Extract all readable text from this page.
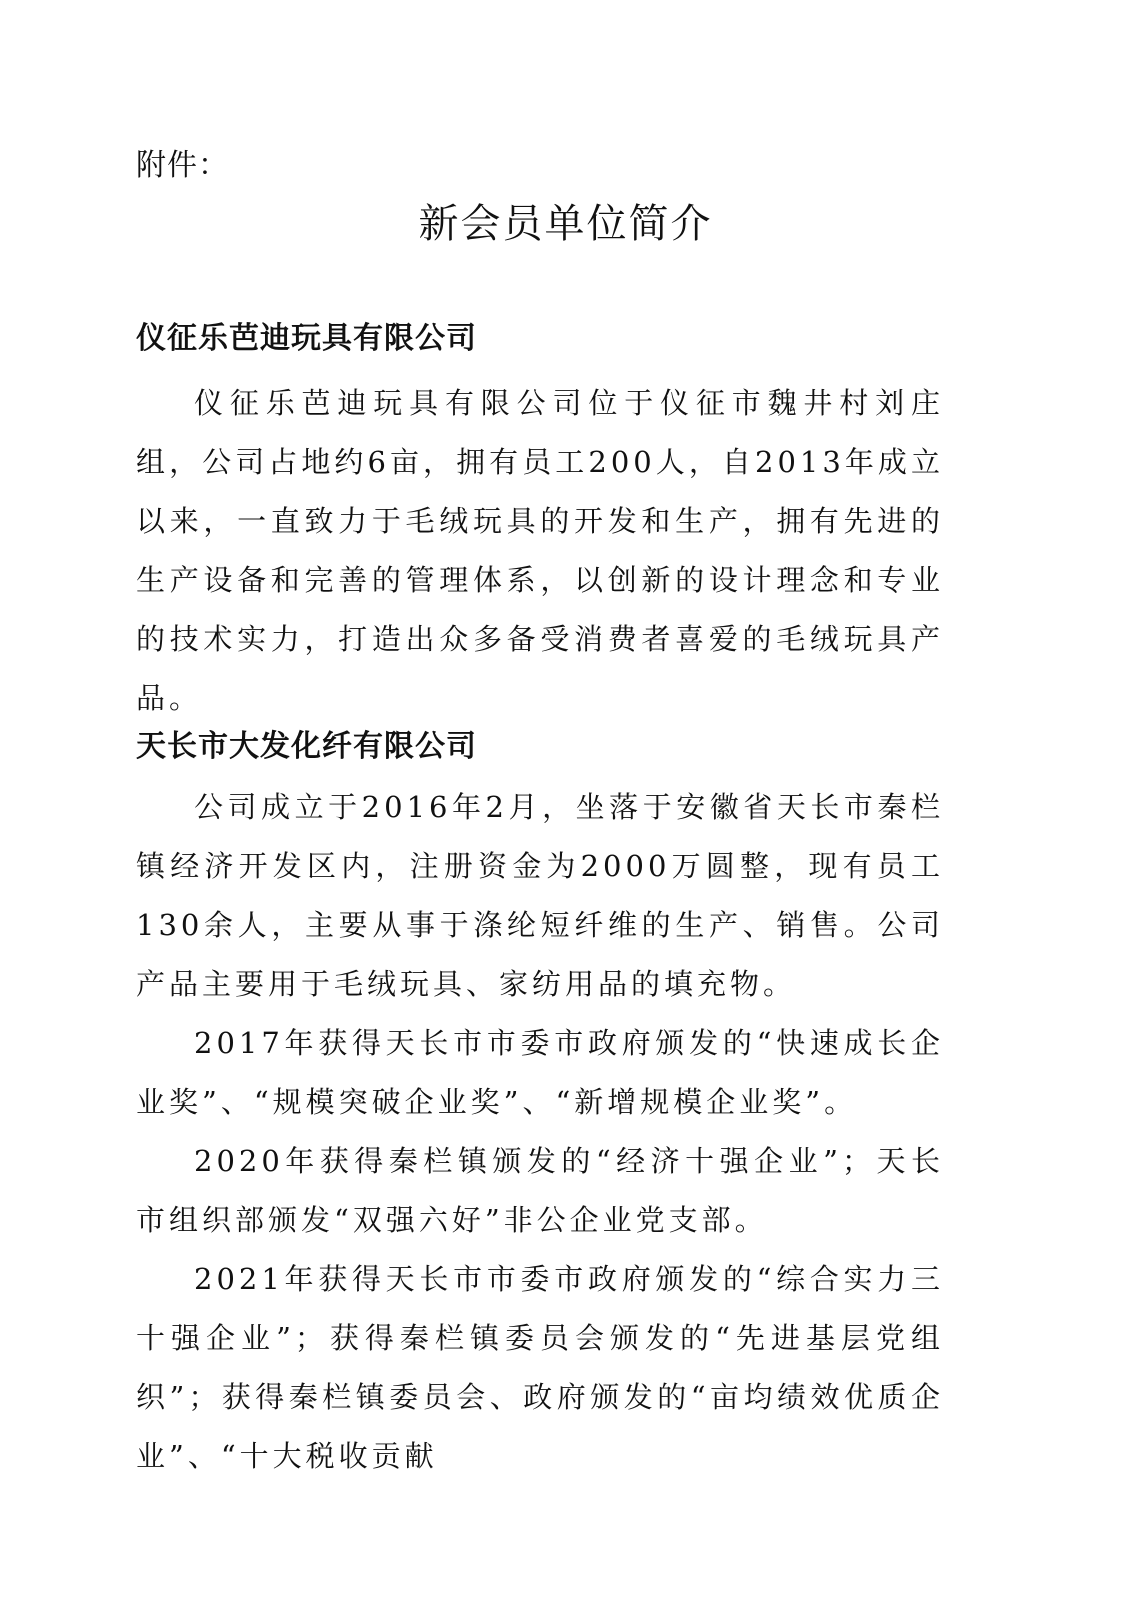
附件：
新会员单位简介
仪征乐芭迪玩具有限公司

仪征乐芭迪玩具有限公司位于仪征市魏井村刘庄组，公司占地约6亩，拥有员工200人，自2013年成立以来，一直致力于毛绒玩具的开发和生产，拥有先进的生产设备和完善的管理体系，以创新的设计理念和专业的技术实力，打造出众多备受消费者喜爱的毛绒玩具产品。

天长市大发化纤有限公司

公司成立于2016年2月，坐落于安徽省天长市秦栏镇经济开发区内，注册资金为2000万圆整，现有员工130余人，主要从事于涤纶短纤维的生产、销售。公司产品主要用于毛绒玩具、家纺用品的填充物。

2017年获得天长市市委市政府颁发的“快速成长企业奖”、“规模突破企业奖”、“新增规模企业奖”。

2020年获得秦栏镇颁发的“经济十强企业”；天长市组织部颁发“双强六好”非公企业党支部。

2021年获得天长市市委市政府颁发的“综合实力三十强企业”；获得秦栏镇委员会颁发的“先进基层党组织”；获得秦栏镇委员会、政府颁发的“亩均绩效优质企业”、“十大税收贡献
